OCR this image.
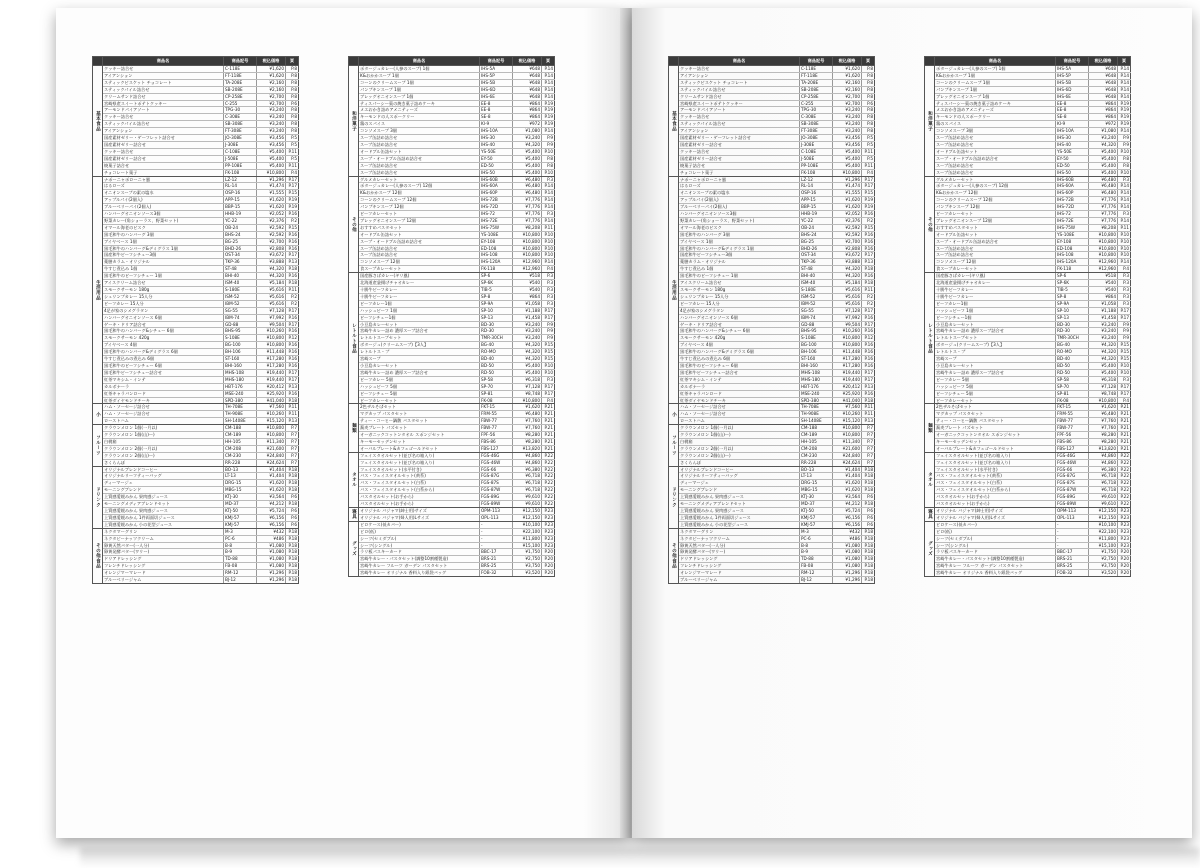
	商品名	商品記号	税込価格	頁
基本食品	クッキー詰合せ	C-118E	¥1,620	P.8
	アイアンション	FT-118E	¥1,620	P.8
	スティックビスケット チョコレート	TA-208E	¥2,160	P.8
	スティックパイル詰合せ	SB-208E	¥2,160	P.8
	クリームサンド詰合せ	CP-258E	¥2,700	P.8
	宮崎県産スイートポテトクッキー	C-255	¥2,700	P.6
	アーモンドパイアソート	TPG-30	¥3,240	P.8
	クッキー詰合せ	C-308E	¥3,240	P.8
	スティックパイル詰合せ	SB-308E	¥3,240	P.8
	アイアンション	FT-308E	¥3,240	P.8
	国産素材ゼリー・ゲーフレット詰合せ	JO-308E	¥3,456	P.5
	国産素材ゼリー詰合せ	J-308E	¥3,456	P.5
	クッキー詰合せ	C-108E	¥5,400	P.11
	国産素材ゼリー詰合せ	J-508E	¥5,400	P.5
	焼菓子詰合せ	PP-108E	¥5,400	P.11
	チョコレート菓子	FK-108	¥10,800	P.4
生活用品	ナポーニャポローニャ風	LZ-12	¥1,296	P.17
	はるローズ	RL-14	¥1,474	P.17
	オニオンスープの素の塩水	OSP-16	¥1,555	P.15
	アップルパイ(2個入)	APP-15	¥1,620	P.19
	ブルーベリーパイ(2個入)	BBP-15	¥1,620	P.19
	ハンバーグオニオンソース3個	HHB-19	¥2,052	P.16
	野菜カレー(角ショーラス、野菜セット)	YC-22	¥2,376	P.2
	オマール海老のビスク	OB-24	¥2,592	P.15
	黒毛和牛のハンバーグ 3個	BHS-24	¥2,592	P.16
	ブイヤベース 1個	BG-25	¥2,700	P.16
	黒毛和牛のハンバーグ&デミグラス 1個	BHD-26	¥2,808	P.16
	国産和牛ビーフシチュー3個	OST-34	¥3,672	P.17
	薬膳カラム・オリジナル	TKP-36	¥3,888	P.13
	牛すじ煮込み 1個	ST-48	¥4,320	P.18
	黒毛和牛のビーフシチュー 1個	BHI-40	¥4,320	P.16
	アイスクリーム詰合せ	ISM-40	¥5,184	P.18
	スモークサーモン 180g	S-180E	¥5,616	P.11
	シュリンプカレー 15人分	ISM-52	¥5,616	P.2
	ビーフカレー 15人分	IBM-52	¥5,616	P.2
	4足が家のシメグラタン	SG-55	¥7,128	P.17
	ハンバーグオニオンソース 6個	IBM-74	¥7,992	P.16
	ゲーキ・ドリア詰合せ	GD-88	¥9,504	P.17
	黒毛和牛のハンバーグ&シチュー 6個	BHS-95	¥10,260	P.16
	スモークサーモン 420g	S-108E	¥10,800	P.12
	ブイヤベース 4個	BG-100	¥10,800	P.16
	黒毛和牛のハンバーグ&デミグラス 6個	BH-106	¥11,448	P.16
	牛すじ煮込みの煮込み 6個	ST-160	¥17,280	P.16
	黒毛和牛のビーフシチュー 6個	BHI-160	¥17,280	P.16
	黒毛和牛ビーフシチュー詰合せ	MHS-108	¥19,440	P.17
	紅茶マキシム・インテ	MHS-180	¥19,440	P.17
	カルボナーラ	HBT-176	¥20,412	P.13
	紅茶キャラバンロード	MSE-240	¥25,920	P.16
	紅茶ダイヤモンドチーキ	SPD-380	¥41,040	P.18
小	ハム・ソーセージ詰合せ	TH-708E	¥7,560	P.11
	ハム・ソーセージ詰合せ	TH-908E	¥10,260	P.11
	ローストハム	SH-1408E	¥15,120	P.13
フルーツ	クラウンメロン 1個(一月以)	CM-188	¥10,800	P.7
	クラウンメロン 1個(山)ー)	CM-189	¥10,800	P.7
	白桃箱	HH-105	¥11,340	P.7
	クラウンメロン 2個(一月以)	CM-208	¥21,600	P.7
	クラウンメロン 2個(山)ー)	CM-230	¥24,840	P.7
	さくらんぼ	RR-228	¥24,624	P.7
ドリンク	オリジナルブレンドコーヒー	BO-13	¥1,404	P.18
	オリジナルリーフティーバッグ	LT-13	¥1,404	P.18
	ディーマージェ	DRG-15	¥1,620	P.18
	モーニングブレンド	MBG-15	¥1,620	P.18
	上質感愛媛みかん 果肉感ジュース	KTJ-30	¥3,564	P.6
	モーニングメディアブレンドセット	MD-37	¥4,212	P.18
	上質感愛媛みかん 果肉感ジュース	KTJ-50	¥5,724	P.6
	上質感愛媛みかん 1件両面切ジュース	KMJ-57	¥6,156	P.6
	上質感愛媛みかん 小の花型ジュース	KMJ-57	¥6,156	P.6
その他食品	ネクタマーグリン	M-3	¥432	P.18
	ネクタピーナッツクリーム	PC-6	¥486	P.18
	卵黄天然バター(一人分)	B-8	¥1,080	P.18
	卵黄発酵バター(ワリー)	B-9	¥1,080	P.18
	ドリアドレッシング	TD-88	¥1,080	P.18
	フレンチドレッシング	FB-08	¥1,080	P.18
	オレンジマーマレード	RM-12	¥1,296	P.18
	ブルーベリージャム	BJ-12	¥1,296	P.18
	商品名	商品記号	税込価格	頁
和洋菓子	ポタージュカレー(人参のスープ) 1個	IHS-5A	¥648	P.14
	K&おかかスープ 1個	IHS-5P	¥648	P.14
	コーンのクリームスープ 1個	IHS-5B	¥648	P.14
	パンプキンスープ 1個	IHS-6D	¥648	P.14
	ブレッグオニオンスープ 1個	IHS-6E	¥648	P.14
	ティスパーシー菓の焼き菓子詰めケーキ	EE-8	¥864	P.19
	メエおかき詰めアメニティーズ	EE-8	¥864	P.19
	キーモンドの人スポークリー	SE-8	¥864	P.19
	鶏のスパイス	KI-9	¥972	P.19
	コンソメスープ 3個	IHS-10A	¥1,080	P.14
	スープ缶詰め詰合せ	IHS-30	¥3,240	P.9
	スープ缶詰め詰合せ	IHS-40	¥4,320	P.9
	オードブル缶詰セット	YS-50E	¥5,400	P.10
	スープ・オードブル缶詰め詰合せ	EY-50	¥5,400	P.8
	スープ缶詰め詰合せ	ED-50	¥5,400	P.8
	スープ缶詰め詰合せ	IHS-50	¥5,400	P.10
その他	グルメカレーセット	IHS-60B	¥6,480	P.3
	ポタージュカレー(人参のスープ) 12個	IHS-60A	¥6,480	P.14
	K&おかかスープ 12個	IHS-60P	¥6,480	P.14
	コーンのクリームスープ 12個	IHS-72B	¥7,776	P.14
	パンプキンスープ 12個	IHS-72D	¥7,776	P.14
	ビーフカレーセット	IHS-72	¥7,776	P.3
	ブレッグオニオンスープ 12個	IHS-72E	¥7,776	P.14
	おすすめパスタセット	IHS-75W	¥8,208	P.11
	オードブル缶詰セット	YS-108E	¥10,800	P.10
	スープ・オードブル缶詰め詰合せ	EY-108	¥10,800	P.10
	スープ缶詰め詰合せ	ED-108	¥10,800	P.10
	スープ缶詰め詰合せ	IHS-108	¥10,800	P.10
	コンソメスープ 12個	IHS-120A	¥12,960	P.14
	食スープカレーセット	FK-118	¥12,960	P.4
レトルト食品	国産豚さばカレー(ギリ風)	SP-6	¥518	P.3
	北海道産釜揚げチャオカレー	SP-6K	¥540	P.3
	十勝牛ビーフカレー	TIB-5	¥540	P.3
	十勝牛ビーフカレー	SP-8	¥864	P.3
	ビーフカレー1個	SP-9A	¥1,058	P.3
	ハッシュビーフ 1個	SP-10	¥1,188	P.17
	ビーフシチュー1個	SP-13	¥1,458	P.17
	小豆島カレーセット	BD-30	¥3,240	P.9
	宮崎牛カレー詰め 濃厚スープ詰合せ	RD-30	¥3,240	P.9
	レトルトスープセット	TMR-30CH	¥3,240	P.9
	ボタージュ(クリームスープ)【3人】	BG-40	¥4,320	P.15
	レトルトス・プ	RO-MO	¥4,320	P.15
	宮崎スープ	BD-40	¥4,320	P.15
	小豆島カレーセット	BD-50	¥5,400	P.10
	宮崎牛カレー詰め 濃厚スープ詰合せ	RD-50	¥5,400	P.10
	ビーフカレー 5個	SP-58	¥6,318	P.3
	ハッシュビーフ 5個	SP-70	¥7,128	P.17
	ビーフシチュー 5個	SP-81	¥8,748	P.17
	ビーフカレーセット	FK-08	¥10,800	P.4
麺類	2色ザルそばセット	FKT-15	¥1,620	P.21
	マグカップ パスタセット	FRM-55	¥6,480	P.21
	ティー・コーヒー鍋敷 バスタセット	FBW-77	¥7,760	P.21
	蕎麦プレート パズセット	FBW-77	¥7,760	P.21
	オーガニックコットンタオル スポンジセット	FPF-56	¥8,280	P.21
	キーモーセッデンセット	FBS-86	¥8,280	P.21
	オーバルプレート&カフェゴールドセット	FBS-127	¥13,820	P.21
タオル	フェイスタオルセット(並び名の箱入り)	FGS-46G	¥4,860	P.22
	フェイスタオルセット(並び名の箱入り)	FGS-46W	¥4,860	P.22
	フェイスタオルセット(水平付き)	FGS-66	¥6,380	P.22
	バス・フェイスタオルセット(黄系)	FGS-87G	¥6,718	P.22
	バス・フェイスタオルセット(白系)	FGS-87S	¥6,718	P.22
	バス・フェイスタオルセット(白系から)	FGS-87W	¥6,718	P.22
	バスタオルセット(お手から)	FGS-89G	¥9,610	P.22
	バスタオルセット(お手から)	FGS-89W	¥9,610	P.22
寝具	オリジナル バジャマ(紳士用)サイズ	OPM-113	¥12,150	P.23
	オリジナル バジャマ(婦人用)Lサイズ	OPL-113	¥12,150	P.23
グッズ	ピロケース(低カバー)	-	¥10,100	P.23
	ピロ(低)	-	¥22,100	P.23
	シーツ(セミダブル)	-	¥11,800	P.23
	シーツ(シングル)	-	¥15,100	P.23
	ラリ板パスキーカード	BBC-17	¥1,750	P.20
	宮崎牛カレー・パスタセット(調整10割種製造)	BRS-21	¥2,750	P.20
	宮崎牛カレー フルーツ ガーデン パスタセット	BRS-25	¥3,750	P.20
	宮崎牛カレー オリジナル 香料入り紙袋バッグ	FOB-32	¥3,520	P.20
	商品名	商品記号	税込価格	頁
基本食品	クッキー詰合せ	C-118E	¥1,620	P.8
	アイアンション	FT-118E	¥1,620	P.8
	スティックビスケット チョコレート	TA-208E	¥2,160	P.8
	スティックパイル詰合せ	SB-208E	¥2,160	P.8
	クリームサンド詰合せ	CP-258E	¥2,700	P.8
	宮崎県産スイートポテトクッキー	C-255	¥2,700	P.6
	アーモンドパイアソート	TPG-30	¥3,240	P.8
	クッキー詰合せ	C-308E	¥3,240	P.8
	スティックパイル詰合せ	SB-308E	¥3,240	P.8
	アイアンション	FT-308E	¥3,240	P.8
	国産素材ゼリー・ゲーフレット詰合せ	JO-308E	¥3,456	P.5
	国産素材ゼリー詰合せ	J-308E	¥3,456	P.5
	クッキー詰合せ	C-108E	¥5,400	P.11
	国産素材ゼリー詰合せ	J-508E	¥5,400	P.5
	焼菓子詰合せ	PP-108E	¥5,400	P.11
	チョコレート菓子	FK-108	¥10,800	P.4
生活用品	ナポーニャポローニャ風	LZ-12	¥1,296	P.17
	はるローズ	RL-14	¥1,474	P.17
	オニオンスープの素の塩水	OSP-16	¥1,555	P.15
	アップルパイ(2個入)	APP-15	¥1,620	P.19
	ブルーベリーパイ(2個入)	BBP-15	¥1,620	P.19
	ハンバーグオニオンソース3個	HHB-19	¥2,052	P.16
	野菜カレー(角ショーラス、野菜セット)	YC-22	¥2,376	P.2
	オマール海老のビスク	OB-24	¥2,592	P.15
	黒毛和牛のハンバーグ 3個	BHS-24	¥2,592	P.16
	ブイヤベース 1個	BG-25	¥2,700	P.16
	黒毛和牛のハンバーグ&デミグラス 1個	BHD-26	¥2,808	P.16
	国産和牛ビーフシチュー3個	OST-34	¥3,672	P.17
	薬膳カラム・オリジナル	TKP-36	¥3,888	P.13
	牛すじ煮込み 1個	ST-48	¥4,320	P.18
	黒毛和牛のビーフシチュー 1個	BHI-40	¥4,320	P.16
	アイスクリーム詰合せ	ISM-40	¥5,184	P.18
	スモークサーモン 180g	S-180E	¥5,616	P.11
	シュリンプカレー 15人分	ISM-52	¥5,616	P.2
	ビーフカレー 15人分	IBM-52	¥5,616	P.2
	4足が家のシメグラタン	SG-55	¥7,128	P.17
	ハンバーグオニオンソース 6個	IBM-74	¥7,992	P.16
	ゲーキ・ドリア詰合せ	GD-88	¥9,504	P.17
	黒毛和牛のハンバーグ&シチュー 6個	BHS-95	¥10,260	P.16
	スモークサーモン 420g	S-108E	¥10,800	P.12
	ブイヤベース 4個	BG-100	¥10,800	P.16
	黒毛和牛のハンバーグ&デミグラス 6個	BH-106	¥11,448	P.16
	牛すじ煮込みの煮込み 6個	ST-160	¥17,280	P.16
	黒毛和牛のビーフシチュー 6個	BHI-160	¥17,280	P.16
	黒毛和牛ビーフシチュー詰合せ	MHS-108	¥19,440	P.17
	紅茶マキシム・インテ	MHS-180	¥19,440	P.17
	カルボナーラ	HBT-176	¥20,412	P.13
	紅茶キャラバンロード	MSE-240	¥25,920	P.16
	紅茶ダイヤモンドチーキ	SPD-380	¥41,040	P.18
小	ハム・ソーセージ詰合せ	TH-708E	¥7,560	P.11
	ハム・ソーセージ詰合せ	TH-908E	¥10,260	P.11
	ローストハム	SH-1408E	¥15,120	P.13
フルーツ	クラウンメロン 1個(一月以)	CM-188	¥10,800	P.7
	クラウンメロン 1個(山)ー)	CM-189	¥10,800	P.7
	白桃箱	HH-105	¥11,340	P.7
	クラウンメロン 2個(一月以)	CM-208	¥21,600	P.7
	クラウンメロン 2個(山)ー)	CM-230	¥24,840	P.7
	さくらんぼ	RR-228	¥24,624	P.7
ドリンク	オリジナルブレンドコーヒー	BO-13	¥1,404	P.18
	オリジナルリーフティーバッグ	LT-13	¥1,404	P.18
	ディーマージェ	DRG-15	¥1,620	P.18
	モーニングブレンド	MBG-15	¥1,620	P.18
	上質感愛媛みかん 果肉感ジュース	KTJ-30	¥3,564	P.6
	モーニングメディアブレンドセット	MD-37	¥4,212	P.18
	上質感愛媛みかん 果肉感ジュース	KTJ-50	¥5,724	P.6
	上質感愛媛みかん 1件両面切ジュース	KMJ-57	¥6,156	P.6
	上質感愛媛みかん 小の花型ジュース	KMJ-57	¥6,156	P.6
その他食品	ネクタマーグリン	M-3	¥432	P.18
	ネクタピーナッツクリーム	PC-6	¥486	P.18
	卵黄天然バター(一人分)	B-8	¥1,080	P.18
	卵黄発酵バター(ワリー)	B-9	¥1,080	P.18
	ドリアドレッシング	TD-88	¥1,080	P.18
	フレンチドレッシング	FB-08	¥1,080	P.18
	オレンジマーマレード	RM-12	¥1,296	P.18
	ブルーベリージャム	BJ-12	¥1,296	P.18
	商品名	商品記号	税込価格	頁
和洋菓子	ポタージュカレー(人参のスープ) 1個	IHS-5A	¥648	P.14
	K&おかかスープ 1個	IHS-5P	¥648	P.14
	コーンのクリームスープ 1個	IHS-5B	¥648	P.14
	パンプキンスープ 1個	IHS-6D	¥648	P.14
	ブレッグオニオンスープ 1個	IHS-6E	¥648	P.14
	ティスパーシー菓の焼き菓子詰めケーキ	EE-8	¥864	P.19
	メエおかき詰めアメニティーズ	EE-8	¥864	P.19
	キーモンドの人スポークリー	SE-8	¥864	P.19
	鶏のスパイス	KI-9	¥972	P.19
	コンソメスープ 3個	IHS-10A	¥1,080	P.14
	スープ缶詰め詰合せ	IHS-30	¥3,240	P.9
	スープ缶詰め詰合せ	IHS-40	¥4,320	P.9
	オードブル缶詰セット	YS-50E	¥5,400	P.10
	スープ・オードブル缶詰め詰合せ	EY-50	¥5,400	P.8
	スープ缶詰め詰合せ	ED-50	¥5,400	P.8
	スープ缶詰め詰合せ	IHS-50	¥5,400	P.10
その他	グルメカレーセット	IHS-60B	¥6,480	P.3
	ポタージュカレー(人参のスープ) 12個	IHS-60A	¥6,480	P.14
	K&おかかスープ 12個	IHS-60P	¥6,480	P.14
	コーンのクリームスープ 12個	IHS-72B	¥7,776	P.14
	パンプキンスープ 12個	IHS-72D	¥7,776	P.14
	ビーフカレーセット	IHS-72	¥7,776	P.3
	ブレッグオニオンスープ 12個	IHS-72E	¥7,776	P.14
	おすすめパスタセット	IHS-75W	¥8,208	P.11
	オードブル缶詰セット	YS-108E	¥10,800	P.10
	スープ・オードブル缶詰め詰合せ	EY-108	¥10,800	P.10
	スープ缶詰め詰合せ	ED-108	¥10,800	P.10
	スープ缶詰め詰合せ	IHS-108	¥10,800	P.10
	コンソメスープ 12個	IHS-120A	¥12,960	P.14
	食スープカレーセット	FK-118	¥12,960	P.4
レトルト食品	国産豚さばカレー(ギリ風)	SP-6	¥518	P.3
	北海道産釜揚げチャオカレー	SP-6K	¥540	P.3
	十勝牛ビーフカレー	TIB-5	¥540	P.3
	十勝牛ビーフカレー	SP-8	¥864	P.3
	ビーフカレー1個	SP-9A	¥1,058	P.3
	ハッシュビーフ 1個	SP-10	¥1,188	P.17
	ビーフシチュー1個	SP-13	¥1,458	P.17
	小豆島カレーセット	BD-30	¥3,240	P.9
	宮崎牛カレー詰め 濃厚スープ詰合せ	RD-30	¥3,240	P.9
	レトルトスープセット	TMR-30CH	¥3,240	P.9
	ボタージュ(クリームスープ)【3人】	BG-40	¥4,320	P.15
	レトルトス・プ	RO-MO	¥4,320	P.15
	宮崎スープ	BD-40	¥4,320	P.15
	小豆島カレーセット	BD-50	¥5,400	P.10
	宮崎牛カレー詰め 濃厚スープ詰合せ	RD-50	¥5,400	P.10
	ビーフカレー 5個	SP-58	¥6,318	P.3
	ハッシュビーフ 5個	SP-70	¥7,128	P.17
	ビーフシチュー 5個	SP-81	¥8,748	P.17
	ビーフカレーセット	FK-08	¥10,800	P.4
麺類	2色ザルそばセット	FKT-15	¥1,620	P.21
	マグカップ パスタセット	FRM-55	¥6,480	P.21
	ティー・コーヒー鍋敷 バスタセット	FBW-77	¥7,760	P.21
	蕎麦プレート パズセット	FBW-77	¥7,760	P.21
	オーガニックコットンタオル スポンジセット	FPF-56	¥8,280	P.21
	キーモーセッデンセット	FBS-86	¥8,280	P.21
	オーバルプレート&カフェゴールドセット	FBS-127	¥13,820	P.21
タオル	フェイスタオルセット(並び名の箱入り)	FGS-46G	¥4,860	P.22
	フェイスタオルセット(並び名の箱入り)	FGS-46W	¥4,860	P.22
	フェイスタオルセット(水平付き)	FGS-66	¥6,380	P.22
	バス・フェイスタオルセット(黄系)	FGS-87G	¥6,718	P.22
	バス・フェイスタオルセット(白系)	FGS-87S	¥6,718	P.22
	バス・フェイスタオルセット(白系から)	FGS-87W	¥6,718	P.22
	バスタオルセット(お手から)	FGS-89G	¥9,610	P.22
	バスタオルセット(お手から)	FGS-89W	¥9,610	P.22
寝具	オリジナル バジャマ(紳士用)サイズ	OPM-113	¥12,150	P.23
	オリジナル バジャマ(婦人用)Lサイズ	OPL-113	¥12,150	P.23
グッズ	ピロケース(低カバー)	-	¥10,100	P.23
	ピロ(低)	-	¥22,100	P.23
	シーツ(セミダブル)	-	¥11,800	P.23
	シーツ(シングル)	-	¥15,100	P.23
	ラリ板パスキーカード	BBC-17	¥1,750	P.20
	宮崎牛カレー・パスタセット(調整10割種製造)	BRS-21	¥2,750	P.20
	宮崎牛カレー フルーツ ガーデン パスタセット	BRS-25	¥3,750	P.20
	宮崎牛カレー オリジナル 香料入り紙袋バッグ	FOB-32	¥3,520	P.20
